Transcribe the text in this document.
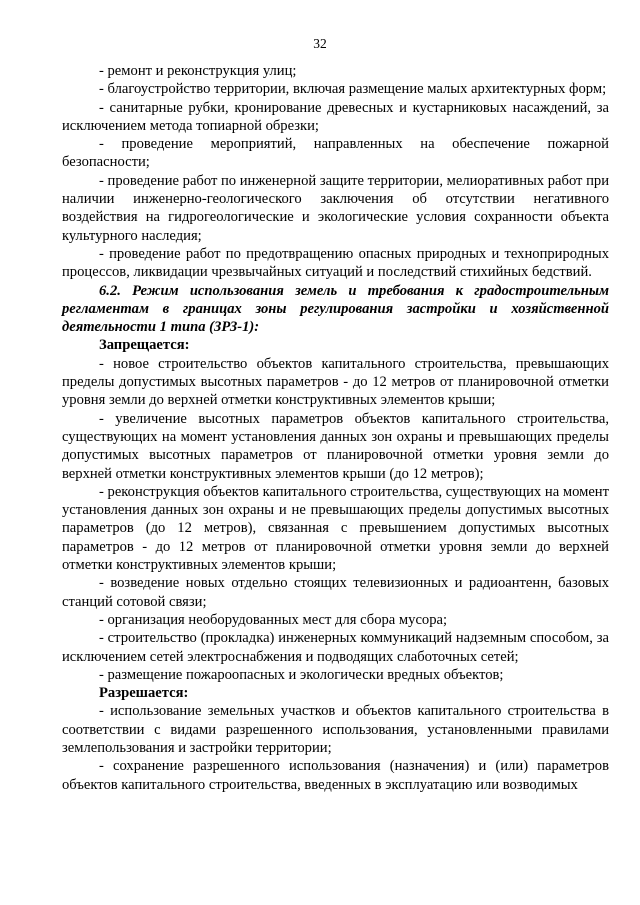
32

- ремонт и реконструкция улиц;

- благоустройство территории, включая размещение малых архитектурных форм;

- санитарные рубки, кронирование древесных и кустарниковых насаждений, за исключением метода топиарной обрезки;

- проведение мероприятий, направленных на обеспечение пожарной безопасности;

- проведение работ по инженерной защите территории, мелиоративных работ при наличии инженерно-геологического заключения об отсутствии негативного воздействия на гидрогеологические и экологические условия сохранности объекта культурного наследия;

- проведение работ по предотвращению опасных природных и техноприродных процессов, ликвидации чрезвычайных ситуаций и последствий стихийных бедствий.

6.2. Режим использования земель и требования к градостроительным регламентам в границах зоны регулирования застройки и хозяйственной деятельности 1 типа (ЗРЗ-1):

Запрещается:

- новое строительство объектов капитального строительства, превышающих пределы допустимых высотных параметров - до 12 метров от планировочной отметки уровня земли до верхней отметки конструктивных элементов крыши;

- увеличение высотных параметров объектов капитального строительства, существующих на момент установления данных зон охраны и превышающих пределы допустимых высотных параметров от планировочной отметки уровня земли до верхней отметки конструктивных элементов крыши (до 12 метров);

- реконструкция объектов капитального строительства, существующих на момент установления данных зон охраны и не превышающих пределы допустимых высотных параметров (до 12 метров), связанная с превышением допустимых высотных параметров - до 12 метров от планировочной отметки уровня земли до верхней отметки конструктивных элементов крыши;

- возведение новых отдельно стоящих телевизионных и радиоантенн, базовых станций сотовой связи;

- организация необорудованных мест для сбора мусора;

- строительство (прокладка) инженерных коммуникаций надземным способом, за исключением сетей электроснабжения и подводящих слаботочных сетей;

- размещение пожароопасных и экологически вредных объектов;

Разрешается:

- использование земельных участков и объектов капитального строительства в соответствии с видами разрешенного использования, установленными правилами землепользования и застройки территории;

- сохранение разрешенного использования (назначения) и (или) параметров объектов капитального строительства, введенных в эксплуатацию или возводимых
